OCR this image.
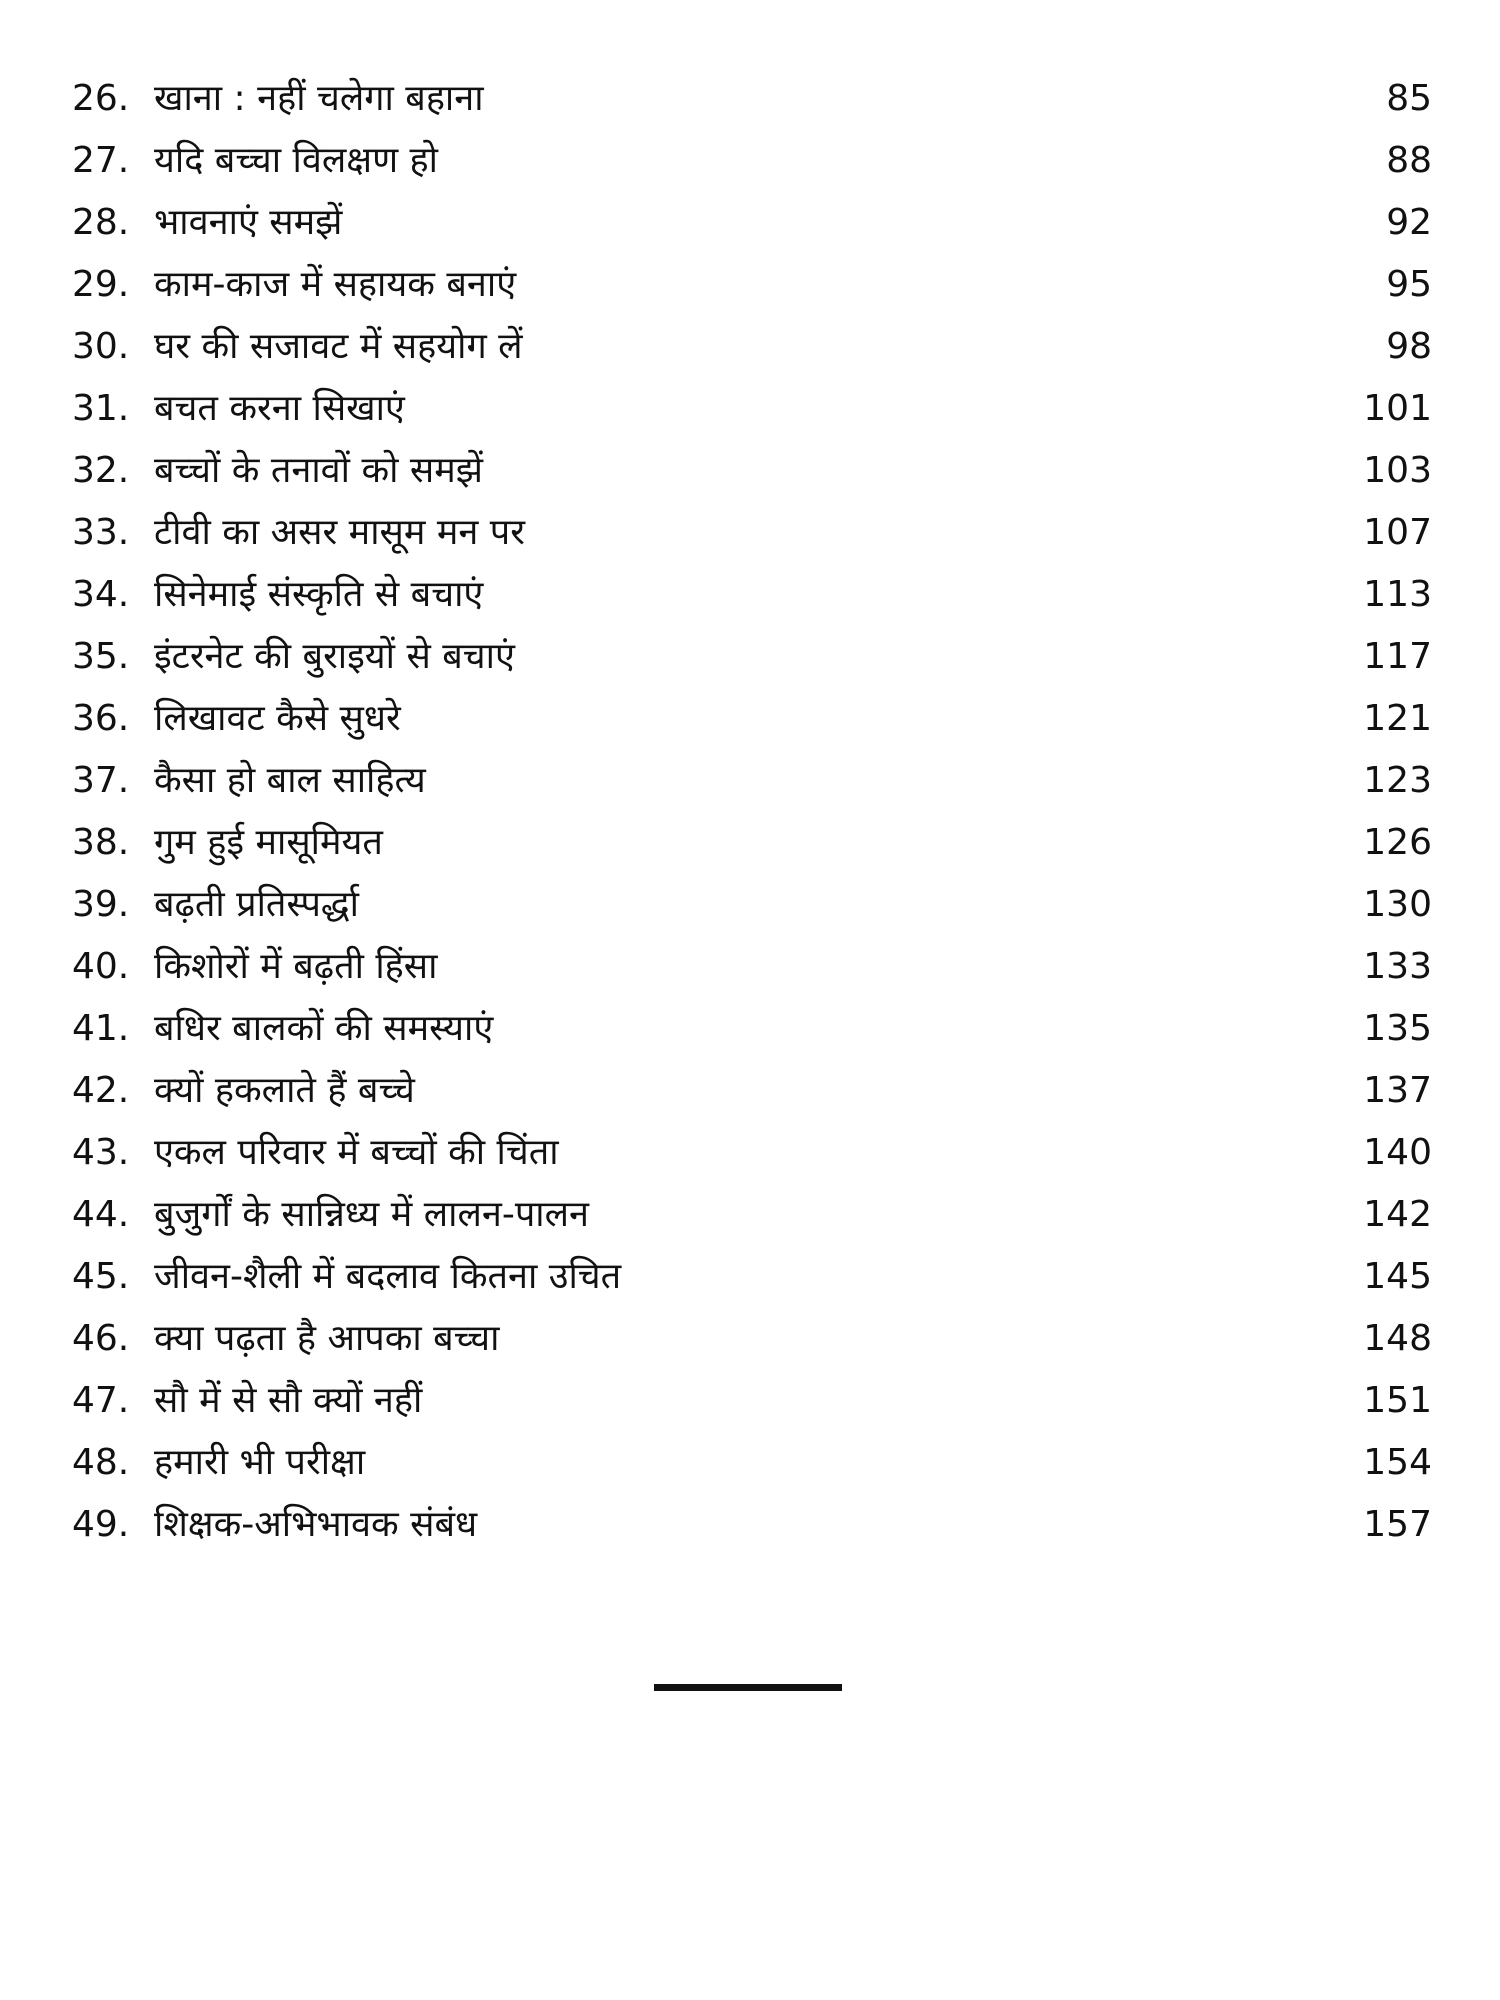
26. खाना : नहीं चलेगा बहाना	85
27. यदि बच्चा विलक्षण हो	88
28. भावनाएं समझें	92
29. काम-काज में सहायक बनाएं	95
30. घर की सजावट में सहयोग लें	98
31. बचत करना सिखाएं	101
32. बच्चों के तनावों को समझें	103
33. टीवी का असर मासूम मन पर	107
34. सिनेमाई संस्कृति से बचाएं	113
35. इंटरनेट की बुराइयों से बचाएं	117
36. लिखावट कैसे सुधरे	121
37. कैसा हो बाल साहित्य	123
38. गुम हुई मासूमियत	126
39. बढ़ती प्रतिस्पर्द्धा	130
40. किशोरों में बढ़ती हिंसा	133
41. बधिर बालकों की समस्याएं	135
42. क्यों हकलाते हैं बच्चे	137
43. एकल परिवार में बच्चों की चिंता	140
44. बुजुर्गों के सान्निध्य में लालन-पालन	142
45. जीवन-शैली में बदलाव कितना उचित	145
46. क्या पढ़ता है आपका बच्चा	148
47. सौ में से सौ क्यों नहीं	151
48. हमारी भी परीक्षा	154
49. शिक्षक-अभिभावक संबंध	157
